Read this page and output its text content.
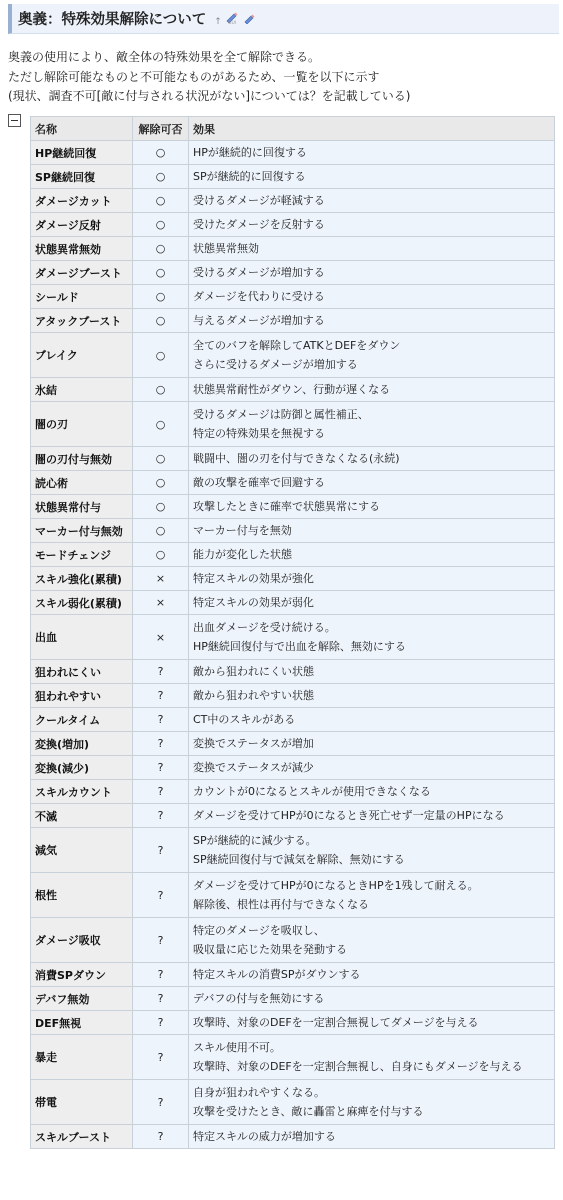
奥義：特殊効果解除について ↑ GUI

奥義の使用により、敵全体の特殊効果を全て解除できる。

ただし解除可能なものと不可能なものがあるため、一覧を以下に示す

(現状、調査不可[敵に付与される状況がない]については？を記載している)

名称	解除可否	効果
HP継続回復	○	HPが継続的に回復する

SP継続回復	○	SPが継続的に回復する

ダメージカット	○	受けるダメージが軽減する

ダメージ反射	○	受けたダメージを反射する

状態異常無効	○	状態異常無効

ダメージブースト	○	受けるダメージが増加する

シールド	○	ダメージを代わりに受ける

アタックブースト	○	与えるダメージが増加する

ブレイク	○	全てのバフを解除してATKとDEFをダウン
さらに受けるダメージが増加する

氷結	○	状態異常耐性がダウン、行動が遅くなる

闇の刃	○	受けるダメージは防御と属性補正、
特定の特殊効果を無視する

闇の刃付与無効	○	戦闘中、闇の刃を付与できなくなる(永続)

読心術	○	敵の攻撃を確率で回避する

状態異常付与	○	攻撃したときに確率で状態異常にする

マーカー付与無効	○	マーカー付与を無効

モードチェンジ	○	能力が変化した状態

スキル強化(累積)	×	特定スキルの効果が強化

スキル弱化(累積)	×	特定スキルの効果が弱化

出血	×	出血ダメージを受け続ける。
HP継続回復付与で出血を解除、無効にする

狙われにくい	?	敵から狙われにくい状態

狙われやすい	?	敵から狙われやすい状態

クールタイム	?	CT中のスキルがある

変換(増加)	?	変換でステータスが増加

変換(減少)	?	変換でステータスが減少

スキルカウント	?	カウントが0になるとスキルが使用できなくなる

不滅	?	ダメージを受けてHPが0になるとき死亡せず一定量のHPになる

減気	?	SPが継続的に減少する。
SP継続回復付与で減気を解除、無効にする

根性	?	ダメージを受けてHPが0になるときHPを1残して耐える。
解除後、根性は再付与できなくなる

ダメージ吸収	?	特定のダメージを吸収し、
吸収量に応じた効果を発動する

消費SPダウン	?	特定スキルの消費SPがダウンする

デバフ無効	?	デバフの付与を無効にする

DEF無視	?	攻撃時、対象のDEFを一定割合無視してダメージを与える

暴走	?	スキル使用不可。
攻撃時、対象のDEFを一定割合無視し、自身にもダメージを与える

帯電	?	自身が狙われやすくなる。
攻撃を受けたとき、敵に轟雷と麻痺を付与する

スキルブースト	?	特定スキルの威力が増加する
